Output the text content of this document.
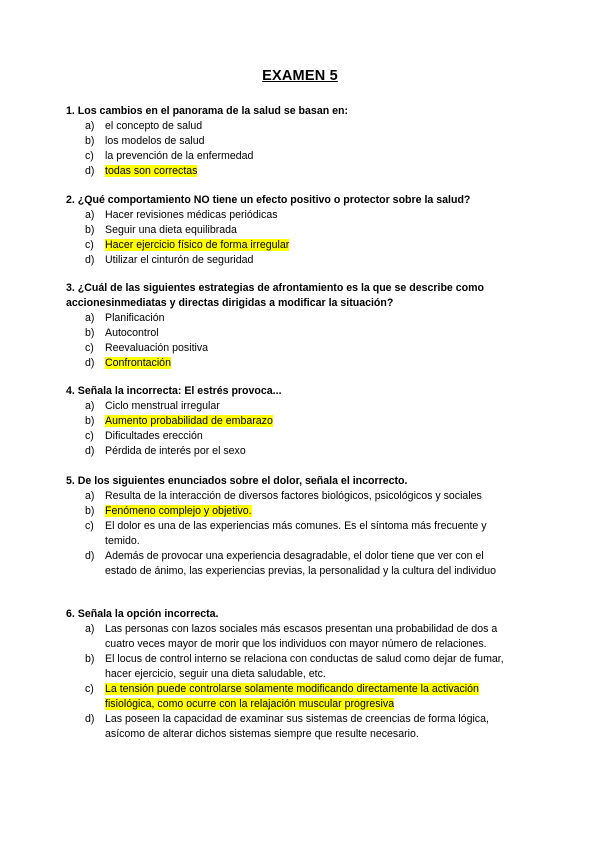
EXAMEN 5

1. Los cambios en el panorama de la salud se basan en:

a) el concepto de salud
b) los modelos de salud
c)	la prevención de la enfermedad
d) todas son correctas

2. ¿Qué comportamiento NO tiene un efecto positivo o protector sobre la salud?

a) Hacer revisiones médicas periódicas
b) Seguir una dieta equilibrada
c)	Hacer ejercicio físico de forma irregular
d) Utilizar el cinturón de seguridad

3. ¿Cuál de las siguientes estrategias de afrontamiento es la que se describe como accionesinmediatas y directas dirigidas a modificar la situación?

a) Planificación
b) Autocontrol
c)	Reevaluación positiva
d) Confrontación

4. Señala la incorrecta: El estrés provoca...

a) Ciclo menstrual irregular
b) Aumento probabilidad de embarazo
c)	Dificultades erección
d) Pérdida de interés por el sexo

5. De los siguientes enunciados sobre el dolor, señala el incorrecto.

a) Resulta de la interacción de diversos factores biológicos, psicológicos y sociales
b) Fenómeno complejo y objetivo.
c)	El dolor es una de las experiencias más comunes. Es el síntoma más frecuente y temido.
d) Además de provocar una experiencia desagradable, el dolor tiene que ver con el estado de ánimo, las experiencias previas, la personalidad y la cultura del individuo

6. Señala la opción incorrecta.

a) Las personas con lazos sociales más escasos presentan una probabilidad de dos a cuatro veces mayor de morir que los individuos con mayor número de relaciones.
b) El locus de control interno se relaciona con conductas de salud como dejar de fumar, hacer ejercicio, seguir una dieta saludable, etc.
c)	La tensión puede controlarse solamente modificando directamente la activación fisiológica, como ocurre con la relajación muscular progresiva
d) Las poseen la capacidad de examinar sus sistemas de creencias de forma lógica, asícomo de alterar dichos sistemas siempre que resulte necesario.
